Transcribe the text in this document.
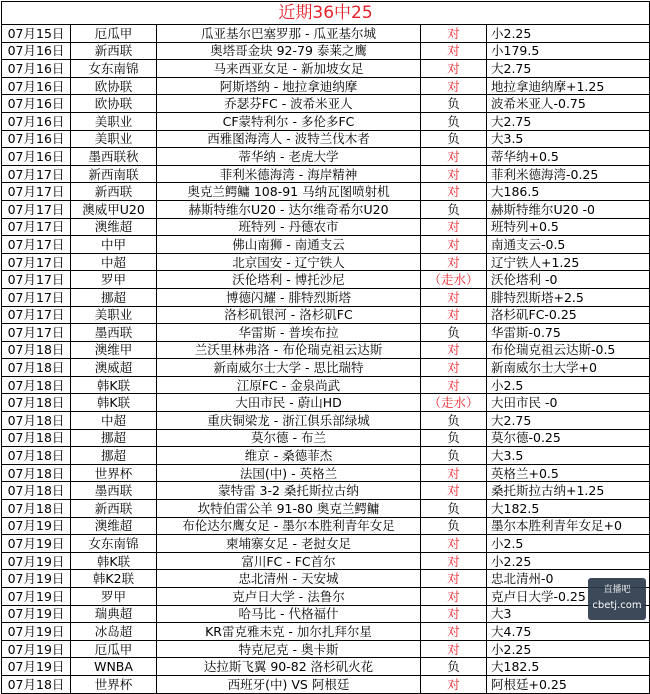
近期36中25				
07月15日	厄瓜甲	瓜亚基尔巴塞罗那 - 瓜亚基尔城	对	小2.25
07月16日	新西联	奥塔哥金块 92-79 泰莱之鹰	对	小179.5
07月16日	女东南锦	马来西亚女足 - 新加坡女足	对	大2.75
07月16日	欧协联	阿斯塔纳 - 地拉拿迪纳摩	对	地拉拿迪纳摩+1.25
07月16日	欧协联	乔瑟芬FC - 波希米亚人	负	波希米亚人-0.75
07月16日	美职业	CF蒙特利尔 - 多伦多FC	负	大2.75
07月16日	美职业	西雅图海湾人 - 波特兰伐木者	负	大3.5
07月16日	墨西联秋	蒂华纳 - 老虎大学	对	蒂华纳+0.5
07月17日	新西南联	菲利米德海湾 - 海岸精神	对	菲利米德海湾-0.25
07月17日	新西联	奥克兰鳄鳙 108-91 马纳瓦图喷射机	对	大186.5
07月17日	澳威甲U20	赫斯特维尔U20 - 达尔维奇希尔U20	负	赫斯特维尔U20 -0
07月17日	澳维超	班特列 - 丹德农市	对	班特列+0.5
07月17日	中甲	佛山南狮 - 南通支云	对	南通支云-0.5
07月17日	中超	北京国安 - 辽宁铁人	对	辽宁铁人+1.25
07月17日	罗甲	沃伦塔利 - 博托沙尼	（走水）	沃伦塔利 -0
07月17日	挪超	博德闪耀 - 腓特烈斯塔	对	腓特烈斯塔+2.5
07月17日	美职业	洛杉矶银河 - 洛杉矶FC	对	洛杉矶FC-0.25
07月17日	墨西联	华雷斯 - 普埃布拉	负	华雷斯-0.75
07月18日	澳维甲	兰沃里林弗洛 - 布伦瑞克祖云达斯	对	布伦瑞克祖云达斯-0.5
07月18日	澳威超	新南威尔士大学 - 思比瑞特	对	新南威尔士大学+0
07月18日	韩K联	江原FC - 金泉尚武	对	小2.5
07月18日	韩K联	大田市民 - 蔚山HD	（走水）	大田市民 -0
07月18日	中超	重庆铜梁龙 - 浙江俱乐部绿城	负	大2.75
07月18日	挪超	莫尔德 - 布兰	负	莫尔德-0.25
07月18日	挪超	维京 - 桑德菲杰	负	大3.5
07月18日	世界杯	法国(中) - 英格兰	对	英格兰+0.5
07月18日	墨西联	蒙特雷 3-2 桑托斯拉古纳	对	桑托斯拉古纳+1.25
07月18日	新西联	坎特伯雷公羊 91-80 奥克兰鳄鳙	负	大182.5
07月19日	澳维超	布伦达尔鹰女足 - 墨尔本胜利青年女足	负	墨尔本胜利青年女足+0
07月19日	女东南锦	柬埔寨女足 - 老挝女足	对	小2.5
07月19日	韩K联	富川FC - FC首尔	对	小2.25
07月19日	韩K2联	忠北清州 - 天安城	对	忠北清州-0
07月19日	罗甲	克卢日大学 - 法鲁尔	对	克卢日大学-0.25
07月19日	瑞典超	哈马比 - 代格福什	对	大3
07月19日	冰岛超	KR雷克雅未克 - 加尔扎拜尔星	对	大4.75
07月19日	厄瓜甲	特克尼克 - 奥卡斯	对	小2.25
07月19日	WNBA	达拉斯飞翼 90-82 洛杉矶火花	负	大182.5
07月18日	世界杯	西班牙(中) VS 阿根廷	对	阿根廷+0.25
直播吧
cbetj.com
